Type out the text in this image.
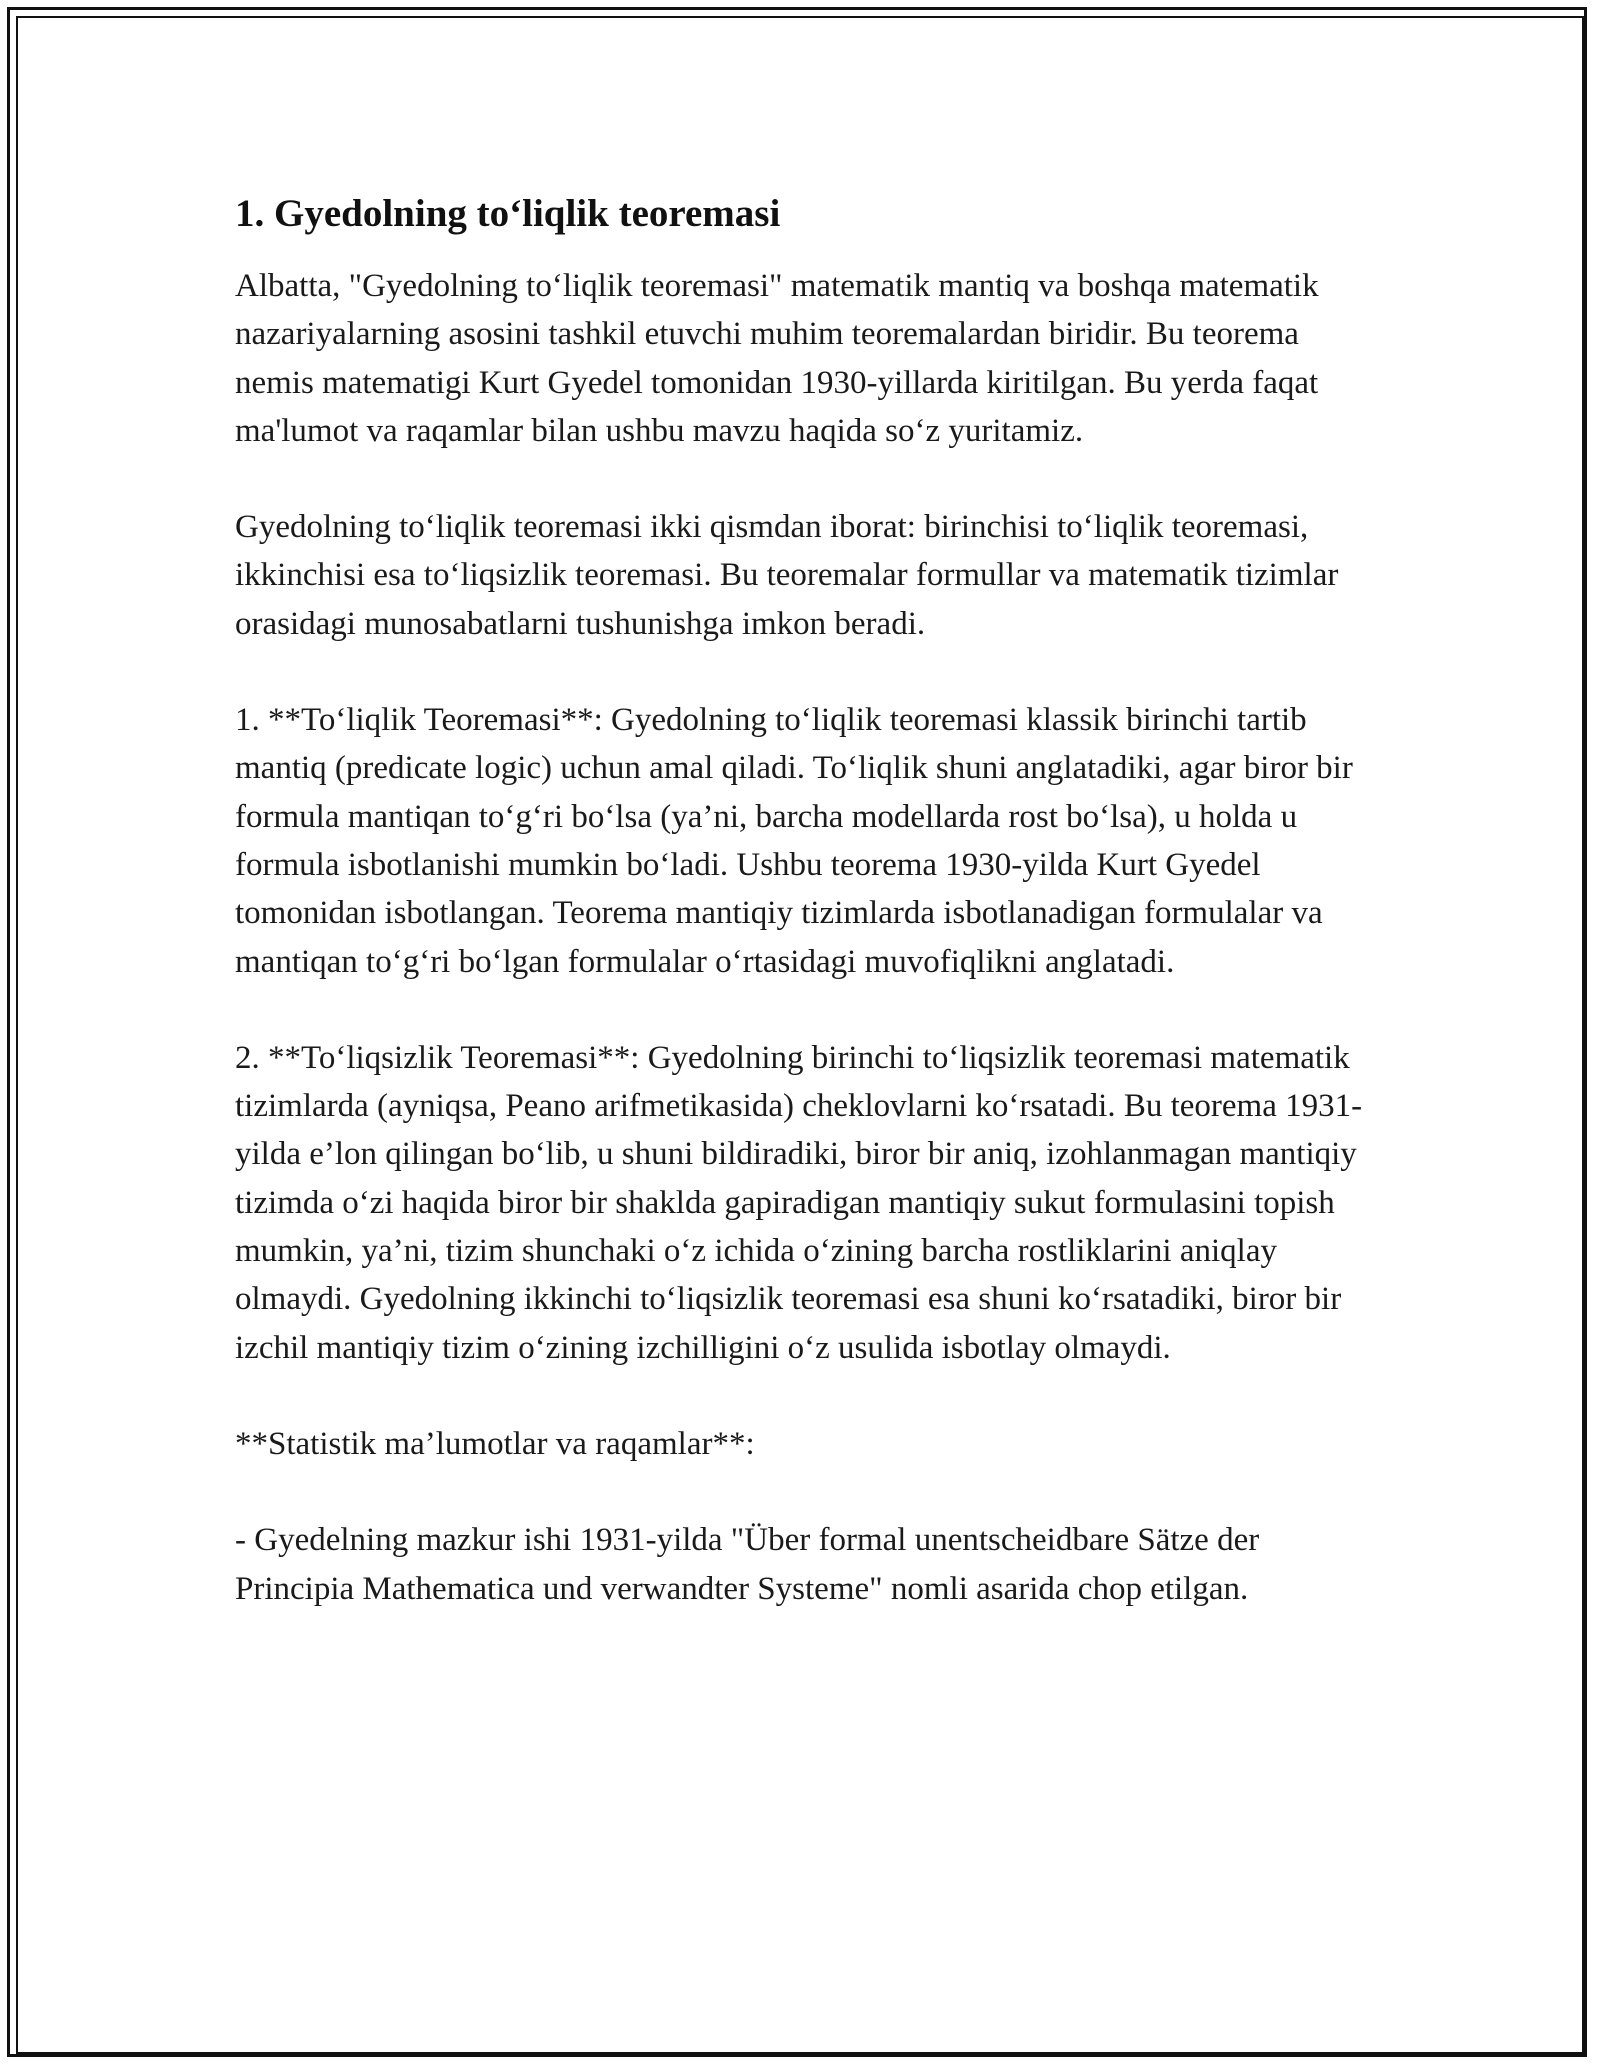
1. Gyedolning to‘liqlik teoremasi

Albatta, "Gyedolning to‘liqlik teoremasi" matematik mantiq va boshqa matematik nazariyalarning asosini tashkil etuvchi muhim teoremalardan biridir. Bu teorema nemis matematigi Kurt Gyedel tomonidan 1930-yillarda kiritilgan. Bu yerda faqat ma'lumot va raqamlar bilan ushbu mavzu haqida so‘z yuritamiz.

Gyedolning to‘liqlik teoremasi ikki qismdan iborat: birinchisi to‘liqlik teoremasi, ikkinchisi esa to‘liqsizlik teoremasi. Bu teoremalar formullar va matematik tizimlar orasidagi munosabatlarni tushunishga imkon beradi.

1. **To‘liqlik Teoremasi**: Gyedolning to‘liqlik teoremasi klassik birinchi tartib mantiq (predicate logic) uchun amal qiladi. To‘liqlik shuni anglatadiki, agar biror bir formula mantiqan to‘g‘ri bo‘lsa (ya’ni, barcha modellarda rost bo‘lsa), u holda u formula isbotlanishi mumkin bo‘ladi. Ushbu teorema 1930-yilda Kurt Gyedel tomonidan isbotlangan. Teorema mantiqiy tizimlarda isbotlanadigan formulalar va mantiqan to‘g‘ri bo‘lgan formulalar o‘rtasidagi muvofiqlikni anglatadi.

2. **To‘liqsizlik Teoremasi**: Gyedolning birinchi to‘liqsizlik teoremasi matematik tizimlarda (ayniqsa, Peano arifmetikasida) cheklovlarni ko‘rsatadi. Bu teorema 1931-yilda e’lon qilingan bo‘lib, u shuni bildiradiki, biror bir aniq, izohlanmagan mantiqiy tizimda o‘zi haqida biror bir shaklda gapiradigan mantiqiy sukut formulasini topish mumkin, ya’ni, tizim shunchaki o‘z ichida o‘zining barcha rostliklarini aniqlay olmaydi. Gyedolning ikkinchi to‘liqsizlik teoremasi esa shuni ko‘rsatadiki, biror bir izchil mantiqiy tizim o‘zining izchilligini o‘z usulida isbotlay olmaydi.

**Statistik ma’lumotlar va raqamlar**:

- Gyedelning mazkur ishi 1931-yilda "Über formal unentscheidbare Sätze der Principia Mathematica und verwandter Systeme" nomli asarida chop etilgan.
